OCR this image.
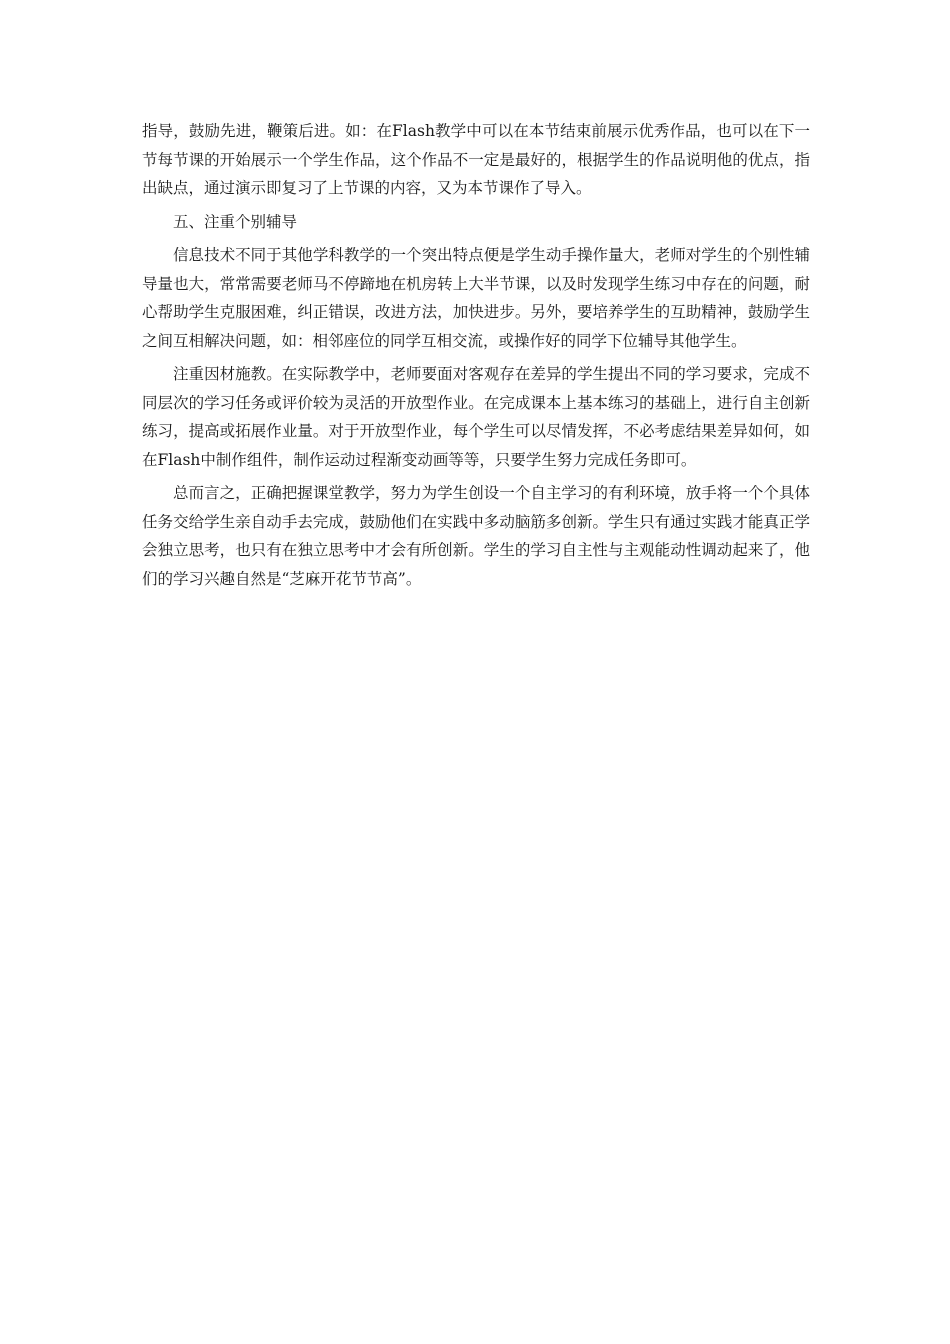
指导，鼓励先进，鞭策后进。如：在Flash教学中可以在本节结束前展示优秀作品，也可以在下一节每节课的开始展示一个学生作品，这个作品不一定是最好的，根据学生的作品说明他的优点，指出缺点，通过演示即复习了上节课的内容，又为本节课作了导入。

五、注重个别辅导

信息技术不同于其他学科教学的一个突出特点便是学生动手操作量大，老师对学生的个别性辅导量也大，常常需要老师马不停蹄地在机房转上大半节课，以及时发现学生练习中存在的问题，耐心帮助学生克服困难，纠正错误，改进方法，加快进步。另外，要培养学生的互助精神，鼓励学生之间互相解决问题，如：相邻座位的同学互相交流，或操作好的同学下位辅导其他学生。

注重因材施教。在实际教学中，老师要面对客观存在差异的学生提出不同的学习要求，完成不同层次的学习任务或评价较为灵活的开放型作业。在完成课本上基本练习的基础上，进行自主创新练习，提高或拓展作业量。对于开放型作业，每个学生可以尽情发挥，不必考虑结果差异如何，如在Flash中制作组件，制作运动过程渐变动画等等，只要学生努力完成任务即可。

总而言之，正确把握课堂教学，努力为学生创设一个自主学习的有利环境，放手将一个个具体任务交给学生亲自动手去完成，鼓励他们在实践中多动脑筋多创新。学生只有通过实践才能真正学会独立思考，也只有在独立思考中才会有所创新。学生的学习自主性与主观能动性调动起来了，他们的学习兴趣自然是“芝麻开花节节高”。
